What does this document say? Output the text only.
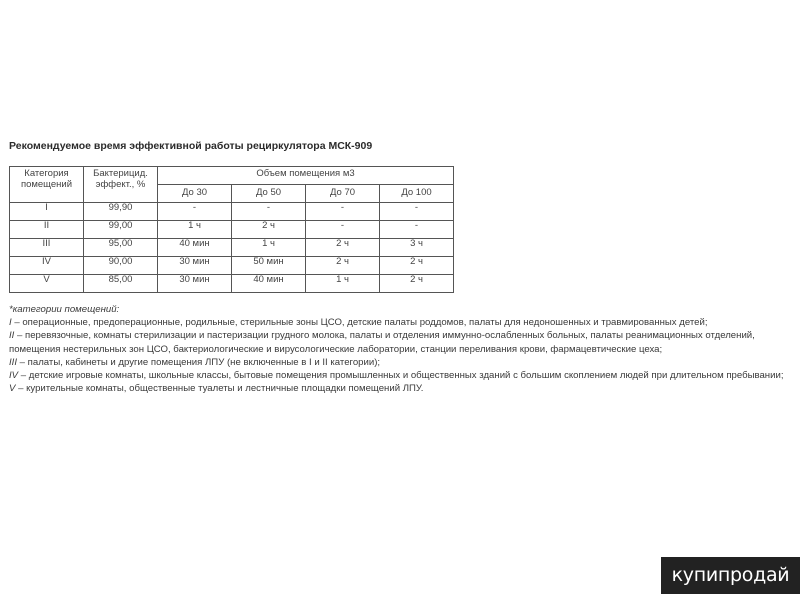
Рекомендуемое время эффективной работы рециркулятора МСК-909
Категория помещений	Бактерицид. эффект., %	Объем помещения м3			
		До 30	До 50	До 70	До 100
I	99,90	-	-	-	-
II	99,00	1 ч	2 ч	-	-
III	95,00	40 мин	1 ч	2 ч	3 ч
IV	90,00	30 мин	50 мин	2 ч	2 ч
V	85,00	30 мин	40 мин	1 ч	2 ч
*категории помещений:
I – операционные, предоперационные, родильные, стерильные зоны ЦСО, детские палаты роддомов, палаты для недоношенных и травмированных детей;
II – перевязочные, комнаты стерилизации и пастеризации грудного молока, палаты и отделения иммунно-ослабленных больных, палаты реанимационных отделений, помещения нестерильных зон ЦСО, бактериологические и вирусологические лаборатории, станции переливания крови, фармацевтические цеха;
III – палаты, кабинеты и другие помещения ЛПУ (не включенные в I и II категории);
IV – детские игровые комнаты, школьные классы, бытовые помещения промышленных и общественных зданий с большим скоплением людей при длительном пребывании;
V – курительные комнаты, общественные туалеты и лестничные площадки помещений ЛПУ.
купипродай
